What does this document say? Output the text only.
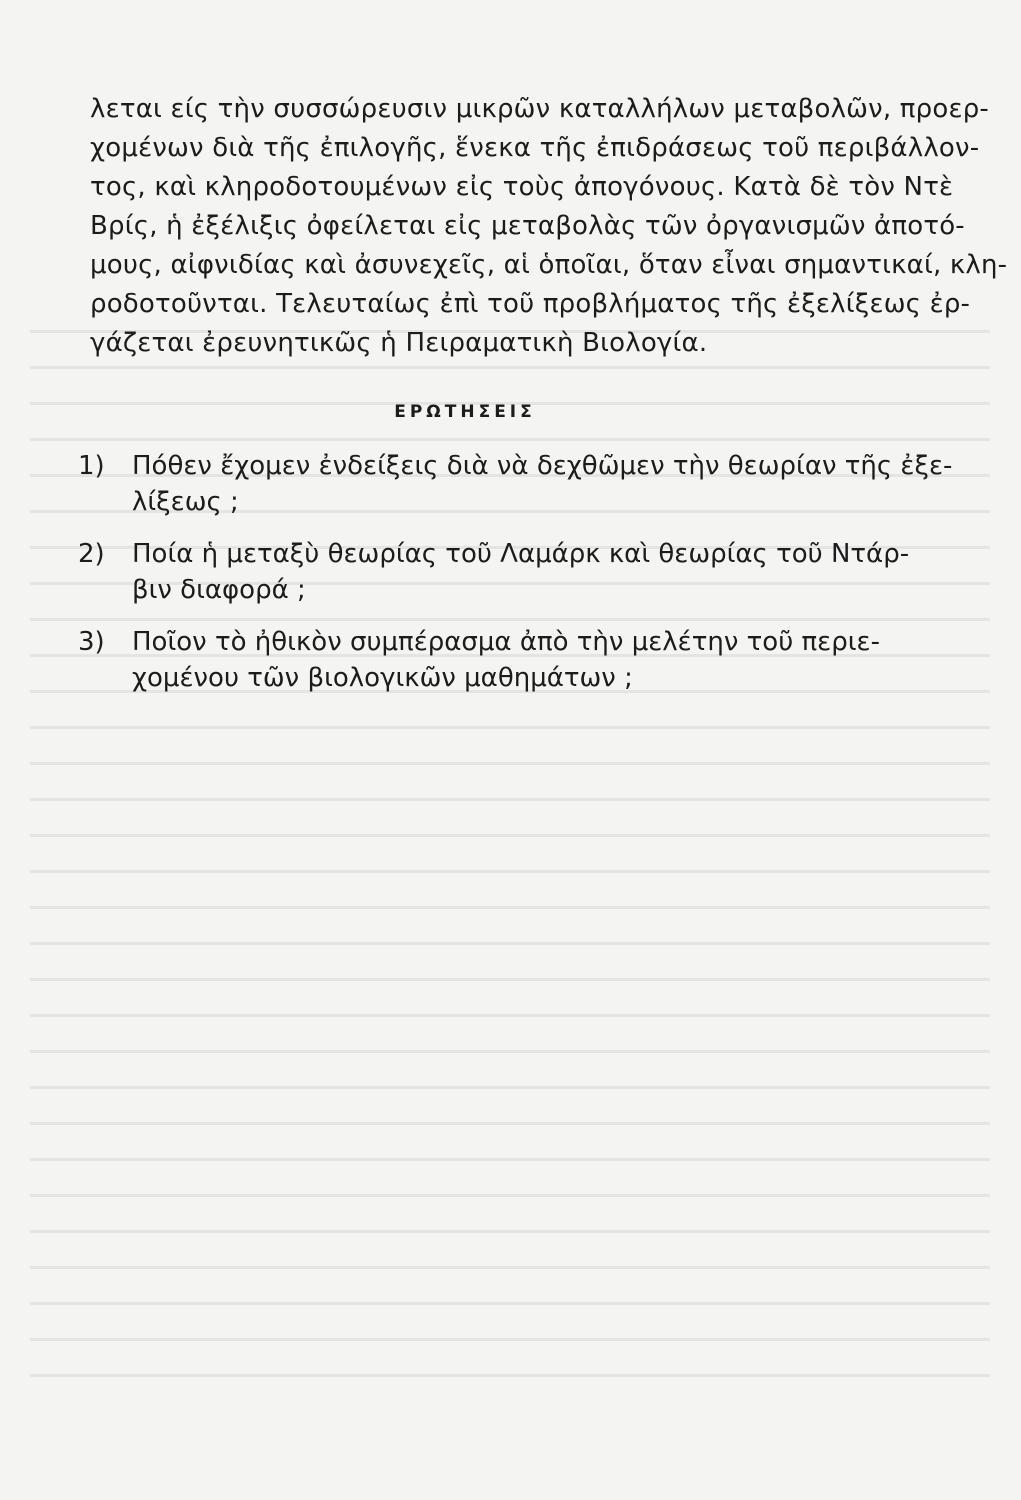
λεται είς τὴν συσσώρευσιν μικρῶν καταλλήλων μεταβολῶν, προερ-
χομένων διὰ τῆς ἐπιλογῆς, ἕνεκα τῆς ἐπιδράσεως τοῦ περιβάλλον-
τος, καὶ κληροδοτουμένων εἰς τοὺς ἀπογόνους. Κατὰ δὲ τὸν Ντὲ
Βρίς, ἡ ἐξέλιξις ὀφείλεται εἰς μεταβολὰς τῶν ὀργανισμῶν ἀποτό-
μους, αἰφνιδίας καὶ ἀσυνεχεῖς, αἱ ὁποῖαι, ὅταν εἶναι σημαντικαί, κλη-
ροδοτοῦνται. Τελευταίως ἐπὶ τοῦ προβλήματος τῆς ἐξελίξεως ἐρ-
γάζεται ἐρευνητικῶς ἡ Πειραματικὴ Βιολογία.

ΕΡΩΤΗΣΕΙΣ
1) Πόθεν ἔχομεν ἐνδείξεις διὰ νὰ δεχθῶμεν τὴν θεωρίαν τῆς ἐξε-
λίξεως ;
2) Ποία ἡ μεταξὺ θεωρίας τοῦ Λαμάρκ καὶ θεωρίας τοῦ Ντάρ-
βιν διαφορά ;
3) Ποῖον τὸ ἠθικὸν συμπέρασμα ἀπὸ τὴν μελέτην τοῦ περιε-
χομένου τῶν βιολογικῶν μαθημάτων ;
